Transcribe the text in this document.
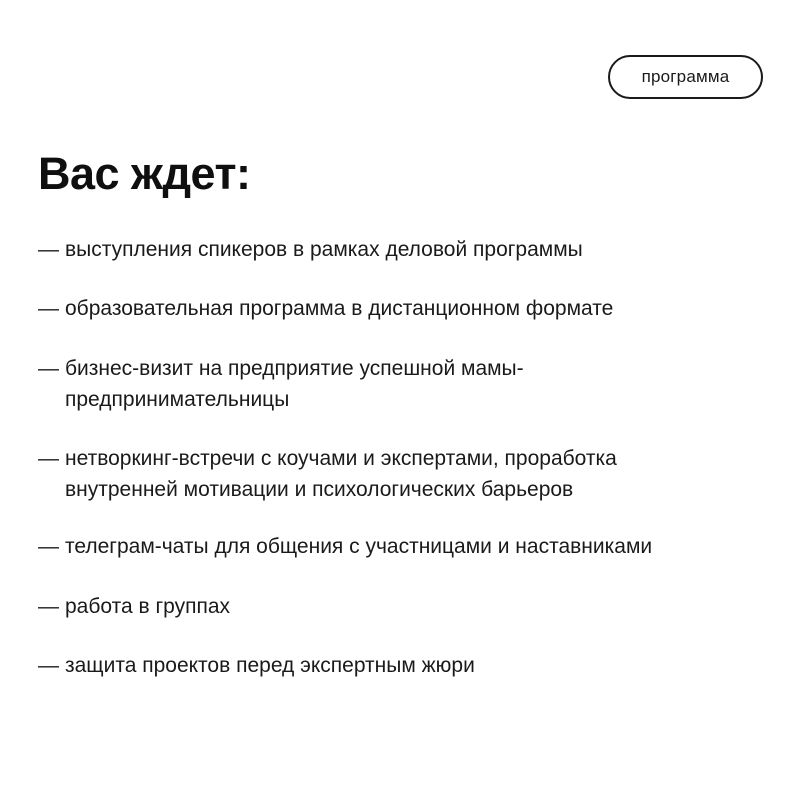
программа
Вас ждет:
— выступления спикеров в рамках деловой программы
— образовательная программа в дистанционном формате
— бизнес-визит на предприятие успешной мамы-
предпринимательницы
— нетворкинг-встречи с коучами и экспертами, проработка
внутренней мотивации и психологических барьеров
— телеграм-чаты для общения с участницами и наставниками
— работа в группах
— защита проектов перед экспертным жюри
